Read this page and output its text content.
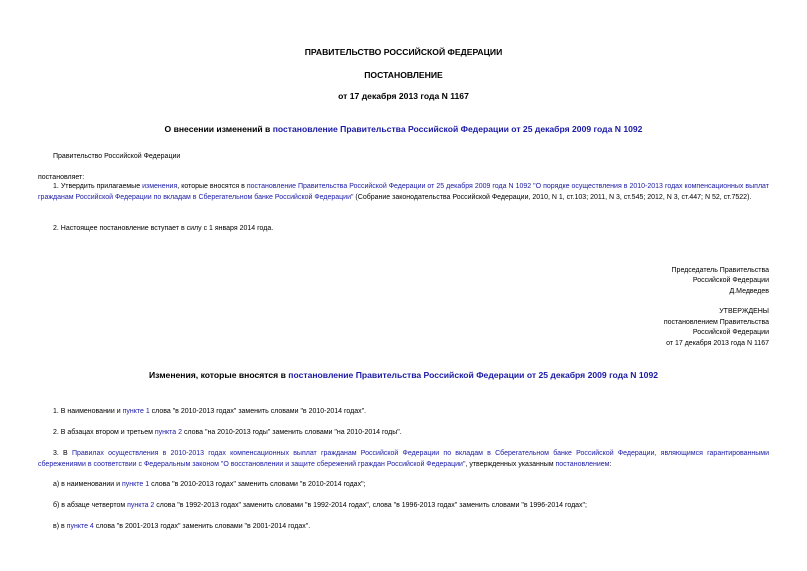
ПРАВИТЕЛЬСТВО РОССИЙСКОЙ ФЕДЕРАЦИИ
ПОСТАНОВЛЕНИЕ
от 17 декабря 2013 года N 1167
О внесении изменений в постановление Правительства Российской Федерации от 25 декабря 2009 года N 1092
Правительство Российской Федерации
постановляет:
1. Утвердить прилагаемые изменения, которые вносятся в постановление Правительства Российской Федерации от 25 декабря 2009 года N 1092 "О порядке осуществления в 2010-2013 годах компенсационных выплат гражданам Российской Федерации по вкладам в Сберегательном банке Российской Федерации" (Собрание законодательства Российской Федерации, 2010, N 1, ст.103; 2011, N 3, ст.545; 2012, N 3, ст.447; N 52, ст.7522).
2. Настоящее постановление вступает в силу с 1 января 2014 года.
Председатель Правительства
Российской Федерации
Д.Медведев
УТВЕРЖДЕНЫ
постановлением Правительства
Российской Федерации
от 17 декабря 2013 года N 1167
Изменения, которые вносятся в постановление Правительства Российской Федерации от 25 декабря 2009 года N 1092
1. В наименовании и пункте 1 слова "в 2010-2013 годах" заменить словами "в 2010-2014 годах".
2. В абзацах втором и третьем пункта 2 слова "на 2010-2013 годы" заменить словами "на 2010-2014 годы".
3. В Правилах осуществления в 2010-2013 годах компенсационных выплат гражданам Российской Федерации по вкладам в Сберегательном банке Российской Федерации, являющимся гарантированными сбережениями в соответствии с Федеральным законом "О восстановлении и защите сбережений граждан Российской Федерации", утвержденных указанным постановлением:
а) в наименовании и пункте 1 слова "в 2010-2013 годах" заменить словами "в 2010-2014 годах";
б) в абзаце четвертом пункта 2 слова "в 1992-2013 годах" заменить словами "в 1992-2014 годах", слова "в 1996-2013 годах" заменить словами "в 1996-2014 годах";
в) в пункте 4 слова "в 2001-2013 годах" заменить словами "в 2001-2014 годах".
